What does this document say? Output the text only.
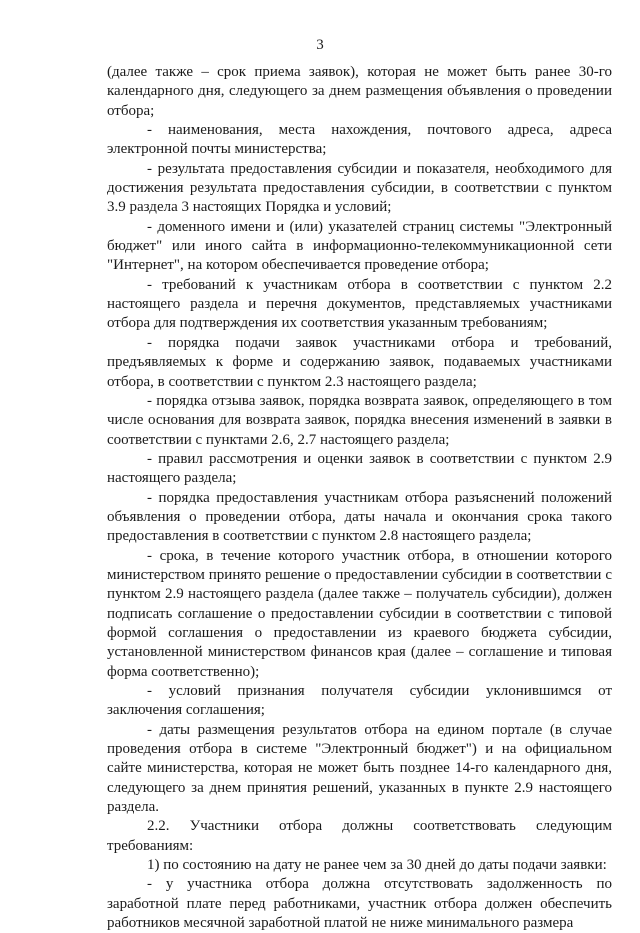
3

(далее также – срок приема заявок), которая не может быть ранее 30-го календарного дня, следующего за днем размещения объявления о проведении отбора;

- наименования, места нахождения, почтового адреса, адреса электронной почты министерства;

- результата предоставления субсидии и показателя, необходимого для достижения результата предоставления субсидии, в соответствии с пунктом 3.9 раздела 3 настоящих Порядка и условий;

- доменного имени и (или) указателей страниц системы "Электронный бюджет" или иного сайта в информационно-телекоммуникационной сети "Интернет", на котором обеспечивается проведение отбора;

- требований к участникам отбора в соответствии с пунктом 2.2 настоящего раздела и перечня документов, представляемых участниками отбора для подтверждения их соответствия указанным требованиям;

- порядка подачи заявок участниками отбора и требований, предъявляемых к форме и содержанию заявок, подаваемых участниками отбора, в соответствии с пунктом 2.3 настоящего раздела;

- порядка отзыва заявок, порядка возврата заявок, определяющего в том числе основания для возврата заявок, порядка внесения изменений в заявки в соответствии с пунктами 2.6, 2.7 настоящего раздела;

- правил рассмотрения и оценки заявок в соответствии с пунктом 2.9 настоящего раздела;

- порядка предоставления участникам отбора разъяснений положений объявления о проведении отбора, даты начала и окончания срока такого предоставления в соответствии с пунктом 2.8 настоящего раздела;

- срока, в течение которого участник отбора, в отношении которого министерством принято решение о предоставлении субсидии в соответствии с пунктом 2.9 настоящего раздела (далее также – получатель субсидии), должен подписать соглашение о предоставлении субсидии в соответствии с типовой формой соглашения о предоставлении из краевого бюджета субсидии, установленной министерством финансов края (далее – соглашение и типовая форма соответственно);

- условий признания получателя субсидии уклонившимся от заключения соглашения;

- даты размещения результатов отбора на едином портале (в случае проведения отбора в системе "Электронный бюджет") и на официальном сайте министерства, которая не может быть позднее 14-го календарного дня, следующего за днем принятия решений, указанных в пункте 2.9 настоящего раздела.

2.2. Участники отбора должны соответствовать следующим требованиям:

1) по состоянию на дату не ранее чем за 30 дней до даты подачи заявки:

- у участника отбора должна отсутствовать задолженность по заработной плате перед работниками, участник отбора должен обеспечить работников месячной заработной платой не ниже минимального размера
